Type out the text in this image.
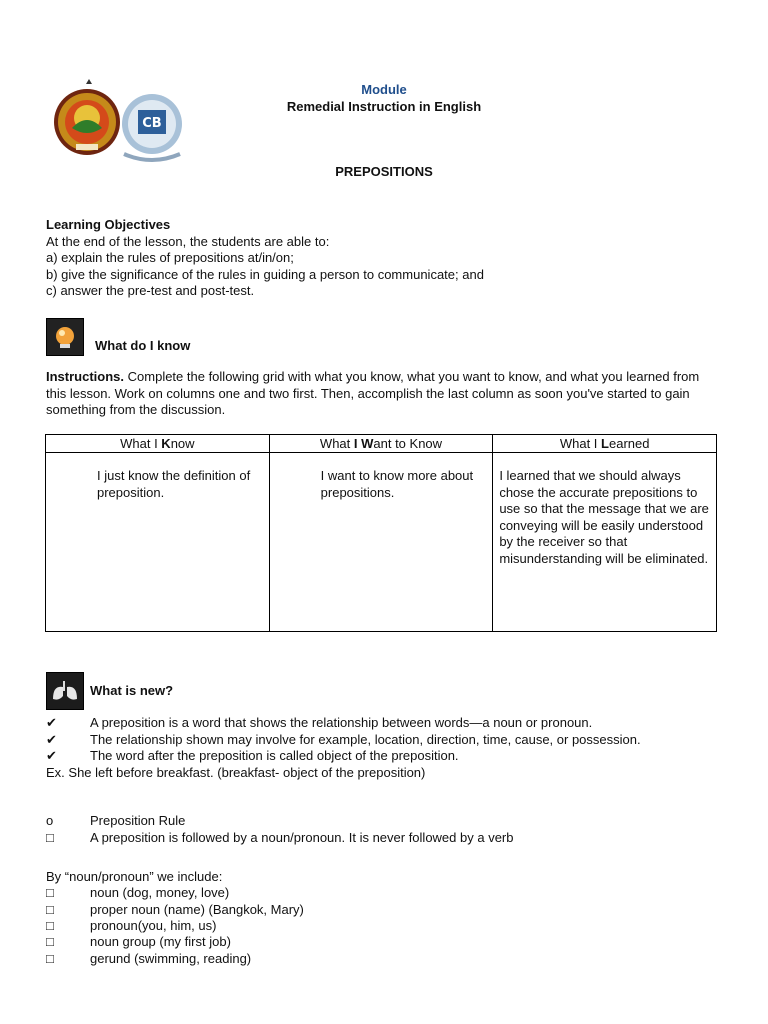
CB
Module
Remedial Instruction in English
PREPOSITIONS
Learning Objectives
At the end of the lesson, the students are able to:
a) explain the rules of prepositions at/in/on;
b) give the significance of the rules in guiding a person to communicate; and
c) answer the pre-test and post-test.
What do I know
Instructions. Complete the following grid with what you know, what you want to know, and what you learned from this lesson. Work on columns one and two first. Then, accomplish the last column as soon you've started to gain something from the discussion.
What I Know	What I Want to Know	What I Learned

I just know the definition of preposition.	I want to know more about prepositions.	I learned that we should always chose the accurate prepositions to use so that the message that we are conveying will be easily understood by the receiver so that misunderstanding will be eliminated.
What is new?
✔	A preposition is a word that shows the relationship between words—a noun or pronoun.
✔	The relationship shown may involve for example, location, direction, time, cause, or possession.
✔	The word after the preposition is called object of the preposition.
Ex. She left before breakfast. (breakfast- object of the preposition)
o	Preposition Rule
□	A preposition is followed by a noun/pronoun. It is never followed by a verb
By “noun/pronoun” we include:
□	noun (dog, money, love)
□	proper noun (name) (Bangkok, Mary)
□	pronoun(you, him, us)
□	noun group (my first job)
□	gerund (swimming, reading)
